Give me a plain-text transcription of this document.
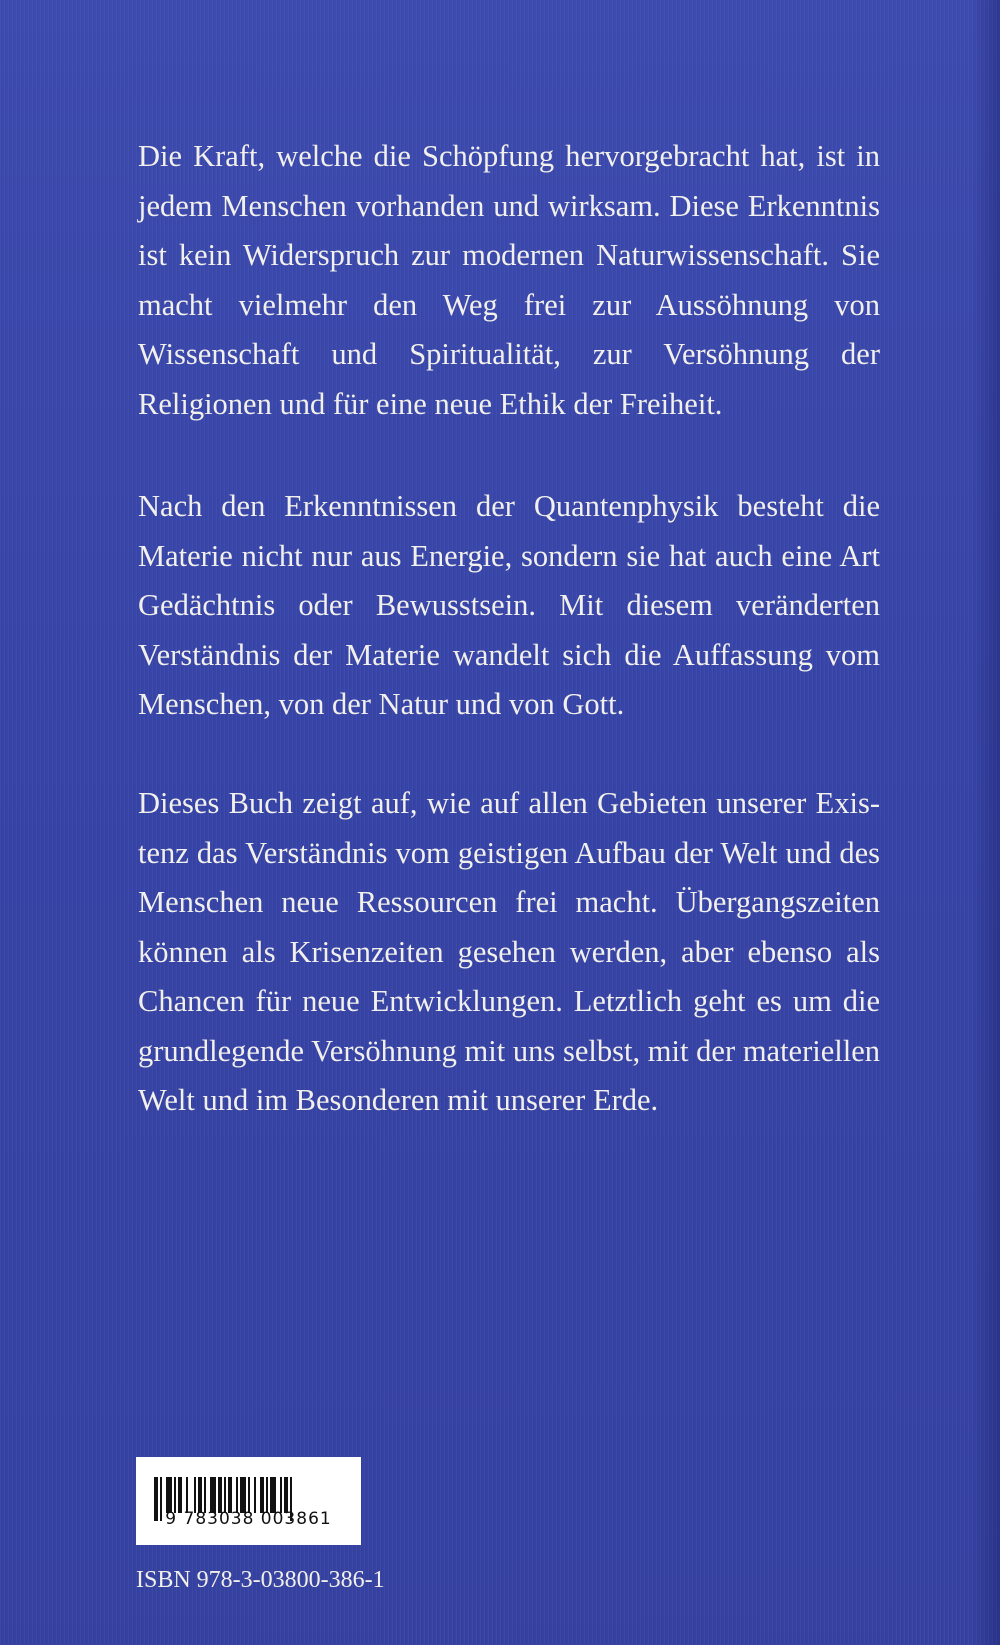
Die Kraft, welche die Schöpfung hervorgebracht hat, ist in jedem Menschen vorhanden und wirksam. Diese Erkenntnis ist kein Widerspruch zur modernen Naturwissenschaft. Sie macht vielmehr den Weg frei zur Aussöhnung von Wissenschaft und Spiritualität, zur Versöhnung der Religionen und für eine neue Ethik der Freiheit.

Nach den Erkenntnissen der Quantenphysik besteht die Materie nicht nur aus Energie, sondern sie hat auch eine Art Gedächtnis oder Bewusstsein. Mit diesem veränderten Verständnis der Materie wandelt sich die Auffassung vom Menschen, von der Natur und von Gott.

Dieses Buch zeigt auf, wie auf allen Gebieten unserer Existenz das Verständnis vom geistigen Aufbau der Welt und des Menschen neue Ressourcen frei macht. Übergangszeiten können als Krisenzeiten gesehen werden, aber ebenso als Chancen für neue Entwicklungen. Letztlich geht es um die grundlegende Versöhnung mit uns selbst, mit der materiellen Welt und im Besonderen mit unserer Erde.

9 783038 003861
ISBN 978-3-03800-386-1
